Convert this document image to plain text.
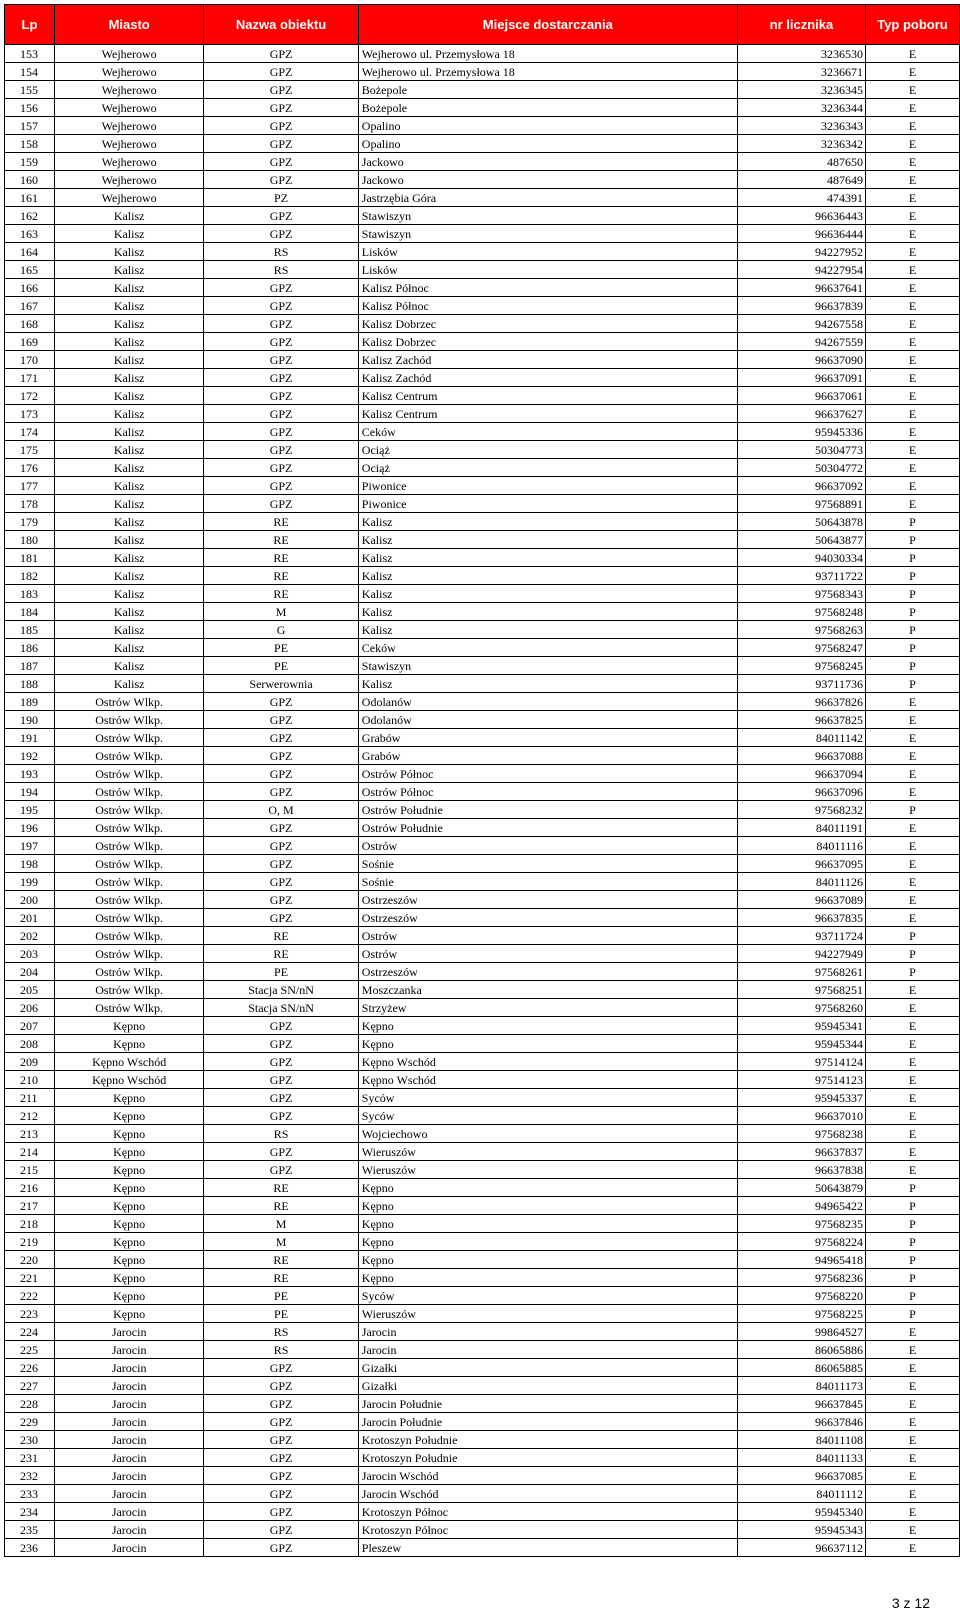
Lp	Miasto	Nazwa obiektu	Miejsce dostarczania	nr licznika	Typ poboru
153	Wejherowo	GPZ	Wejherowo ul. Przemysłowa 18	3236530	E
154	Wejherowo	GPZ	Wejherowo ul. Przemysłowa 18	3236671	E
155	Wejherowo	GPZ	Bożepole	3236345	E
156	Wejherowo	GPZ	Bożepole	3236344	E
157	Wejherowo	GPZ	Opalino	3236343	E
158	Wejherowo	GPZ	Opalino	3236342	E
159	Wejherowo	GPZ	Jackowo	487650	E
160	Wejherowo	GPZ	Jackowo	487649	E
161	Wejherowo	PZ	Jastrzębia Góra	474391	E
162	Kalisz	GPZ	Stawiszyn	96636443	E
163	Kalisz	GPZ	Stawiszyn	96636444	E
164	Kalisz	RS	Lisków	94227952	E
165	Kalisz	RS	Lisków	94227954	E
166	Kalisz	GPZ	Kalisz Północ	96637641	E
167	Kalisz	GPZ	Kalisz Północ	96637839	E
168	Kalisz	GPZ	Kalisz Dobrzec	94267558	E
169	Kalisz	GPZ	Kalisz Dobrzec	94267559	E
170	Kalisz	GPZ	Kalisz Zachód	96637090	E
171	Kalisz	GPZ	Kalisz Zachód	96637091	E
172	Kalisz	GPZ	Kalisz Centrum	96637061	E
173	Kalisz	GPZ	Kalisz Centrum	96637627	E
174	Kalisz	GPZ	Ceków	95945336	E
175	Kalisz	GPZ	Ociąż	50304773	E
176	Kalisz	GPZ	Ociąż	50304772	E
177	Kalisz	GPZ	Piwonice	96637092	E
178	Kalisz	GPZ	Piwonice	97568891	E
179	Kalisz	RE	Kalisz	50643878	P
180	Kalisz	RE	Kalisz	50643877	P
181	Kalisz	RE	Kalisz	94030334	P
182	Kalisz	RE	Kalisz	93711722	P
183	Kalisz	RE	Kalisz	97568343	P
184	Kalisz	M	Kalisz	97568248	P
185	Kalisz	G	Kalisz	97568263	P
186	Kalisz	PE	Ceków	97568247	P
187	Kalisz	PE	Stawiszyn	97568245	P
188	Kalisz	Serwerownia	Kalisz	93711736	P
189	Ostrów Wlkp.	GPZ	Odolanów	96637826	E
190	Ostrów Wlkp.	GPZ	Odolanów	96637825	E
191	Ostrów Wlkp.	GPZ	Grabów	84011142	E
192	Ostrów Wlkp.	GPZ	Grabów	96637088	E
193	Ostrów Wlkp.	GPZ	Ostrów Północ	96637094	E
194	Ostrów Wlkp.	GPZ	Ostrów Północ	96637096	E
195	Ostrów Wlkp.	O, M	Ostrów Południe	97568232	P
196	Ostrów Wlkp.	GPZ	Ostrów Południe	84011191	E
197	Ostrów Wlkp.	GPZ	Ostrów	84011116	E
198	Ostrów Wlkp.	GPZ	Sośnie	96637095	E
199	Ostrów Wlkp.	GPZ	Sośnie	84011126	E
200	Ostrów Wlkp.	GPZ	Ostrzeszów	96637089	E
201	Ostrów Wlkp.	GPZ	Ostrzeszów	96637835	E
202	Ostrów Wlkp.	RE	Ostrów	93711724	P
203	Ostrów Wlkp.	RE	Ostrów	94227949	P
204	Ostrów Wlkp.	PE	Ostrzeszów	97568261	P
205	Ostrów Wlkp.	Stacja SN/nN	Moszczanka	97568251	E
206	Ostrów Wlkp.	Stacja SN/nN	Strzyżew	97568260	E
207	Kępno	GPZ	Kępno	95945341	E
208	Kępno	GPZ	Kępno	95945344	E
209	Kępno Wschód	GPZ	Kępno Wschód	97514124	E
210	Kępno Wschód	GPZ	Kępno Wschód	97514123	E
211	Kępno	GPZ	Syców	95945337	E
212	Kępno	GPZ	Syców	96637010	E
213	Kępno	RS	Wojciechowo	97568238	E
214	Kępno	GPZ	Wieruszów	96637837	E
215	Kępno	GPZ	Wieruszów	96637838	E
216	Kępno	RE	Kępno	50643879	P
217	Kępno	RE	Kępno	94965422	P
218	Kępno	M	Kępno	97568235	P
219	Kępno	M	Kępno	97568224	P
220	Kępno	RE	Kępno	94965418	P
221	Kępno	RE	Kępno	97568236	P
222	Kępno	PE	Syców	97568220	P
223	Kępno	PE	Wieruszów	97568225	P
224	Jarocin	RS	Jarocin	99864527	E
225	Jarocin	RS	Jarocin	86065886	E
226	Jarocin	GPZ	Gizałki	86065885	E
227	Jarocin	GPZ	Gizałki	84011173	E
228	Jarocin	GPZ	Jarocin Południe	96637845	E
229	Jarocin	GPZ	Jarocin Południe	96637846	E
230	Jarocin	GPZ	Krotoszyn Południe	84011108	E
231	Jarocin	GPZ	Krotoszyn Południe	84011133	E
232	Jarocin	GPZ	Jarocin Wschód	96637085	E
233	Jarocin	GPZ	Jarocin Wschód	84011112	E
234	Jarocin	GPZ	Krotoszyn Północ	95945340	E
235	Jarocin	GPZ	Krotoszyn Północ	95945343	E
236	Jarocin	GPZ	Pleszew	96637112	E
3 z 12
